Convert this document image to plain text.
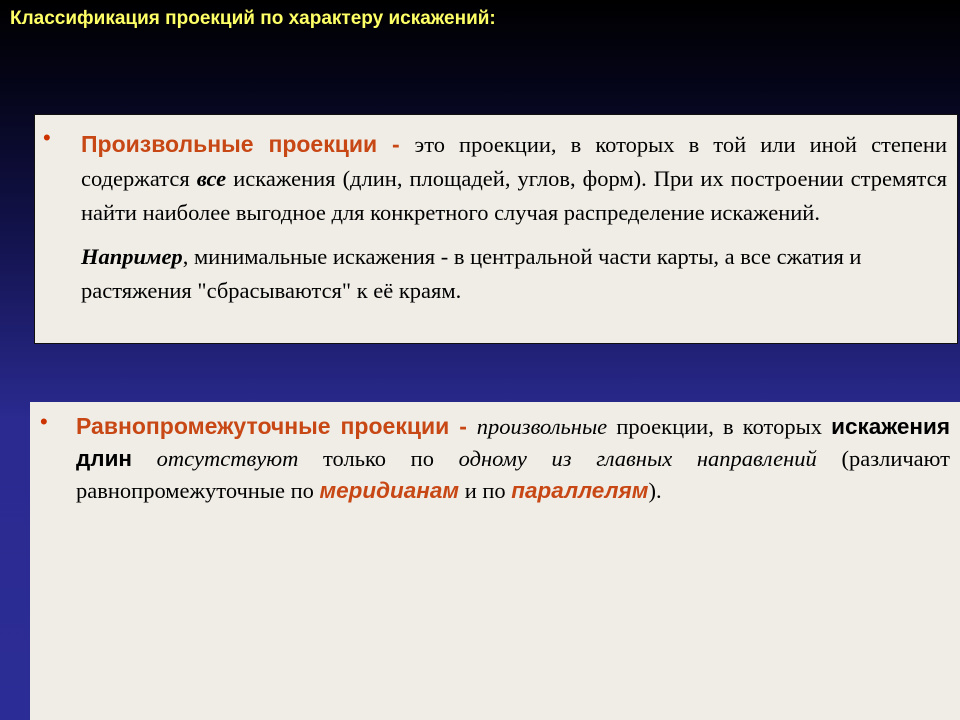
Классификация проекций по характеру искажений:
• Произвольные проекции - это проекции, в которых в той или иной степени содержатся все искажения (длин, площадей, углов, форм). При их построении стремятся найти наиболее выгодное для конкретного случая распределение искажений.

Например, минимальные искажения - в центральной части карты, а все сжатия и растяжения "сбрасываются" к её краям.

• Равнопромежуточные проекции - произвольные проекции, в которых искажения длин отсутствуют только по одному из главных направлений (различают равнопромежуточные по меридианам и по параллелям).
